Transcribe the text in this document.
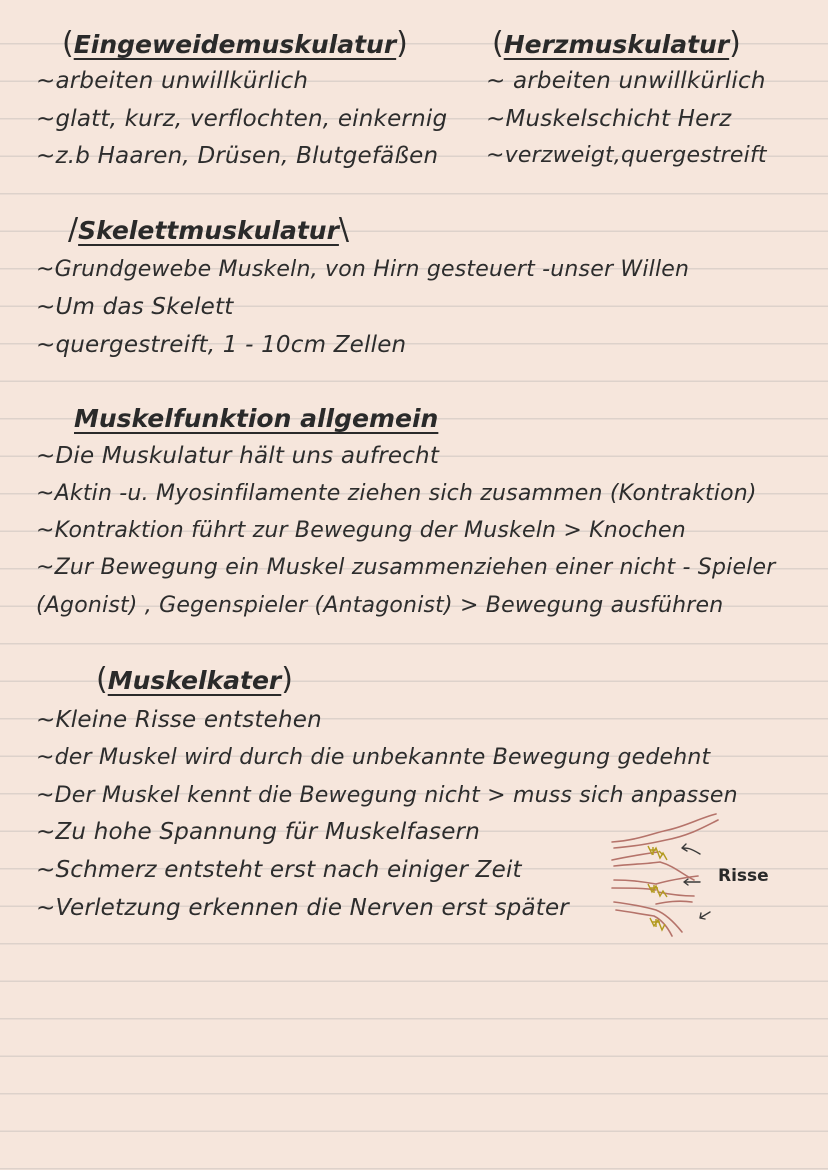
(Eingeweidemuskulatur)
~arbeiten unwillkürlich
~glatt, kurz, verflochten, einkernig
~z.b Haaren, Drüsen, Blutgefäßen
(Herzmuskulatur)
~ arbeiten unwillkürlich
~Muskelschicht Herz
~verzweigt,quergestreift
/Skelettmuskulatur\
~Grundgewebe Muskeln, von Hirn gesteuert -unser Willen
~Um das Skelett
~quergestreift, 1 - 10cm Zellen
Muskelfunktion allgemein
~Die Muskulatur hält uns aufrecht
~Aktin -u. Myosinfilamente ziehen sich zusammen (Kontraktion)
~Kontraktion führt zur Bewegung der Muskeln > Knochen
~Zur Bewegung ein Muskel zusammenziehen einer nicht - Spieler
(Agonist) , Gegenspieler (Antagonist) > Bewegung ausführen
(Muskelkater)
~Kleine Risse entstehen
~der Muskel wird durch die unbekannte Bewegung gedehnt
~Der Muskel kennt die Bewegung nicht > muss sich anpassen
~Zu hohe Spannung für Muskelfasern
~Schmerz entsteht erst nach einiger Zeit
~Verletzung erkennen die Nerven erst später
Risse
